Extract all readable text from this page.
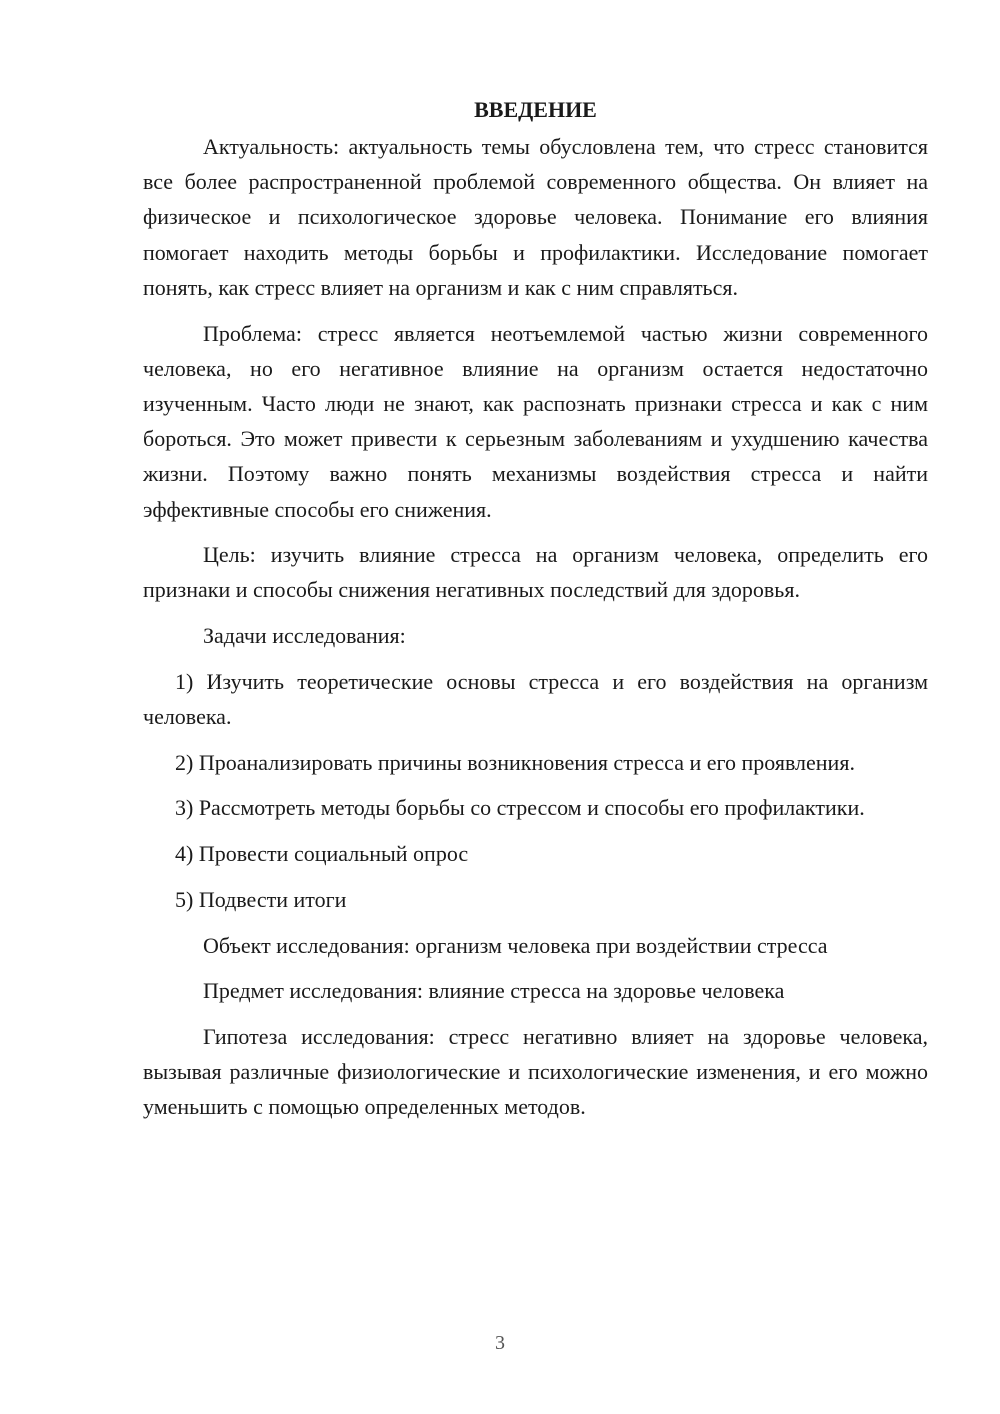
ВВЕДЕНИЕ

Актуальность: актуальность темы обусловлена тем, что стресс становится все более распространенной проблемой современного общества. Он влияет на физическое и психологическое здоровье человека. Понимание его влияния помогает находить методы борьбы и профилактики. Исследование помогает понять, как стресс влияет на организм и как с ним справляться.

Проблема: стресс является неотъемлемой частью жизни современного человека, но его негативное влияние на организм остается недостаточно изученным. Часто люди не знают, как распознать признаки стресса и как с ним бороться. Это может привести к серьезным заболеваниям и ухудшению качества жизни. Поэтому важно понять механизмы воздействия стресса и найти эффективные способы его снижения.

Цель: изучить влияние стресса на организм человека, определить его признаки и способы снижения негативных последствий для здоровья.

Задачи исследования:

1) Изучить теоретические основы стресса и его воздействия на организм человека.

2) Проанализировать причины возникновения стресса и его проявления.

3) Рассмотреть методы борьбы со стрессом и способы его профилактики.

4) Провести социальный опрос

5) Подвести итоги

Объект исследования: организм человека при воздействии стресса

Предмет исследования: влияние стресса на здоровье человека

Гипотеза исследования: стресс негативно влияет на здоровье человека, вызывая различные физиологические и психологические изменения, и его можно уменьшить с помощью определенных методов.

3
